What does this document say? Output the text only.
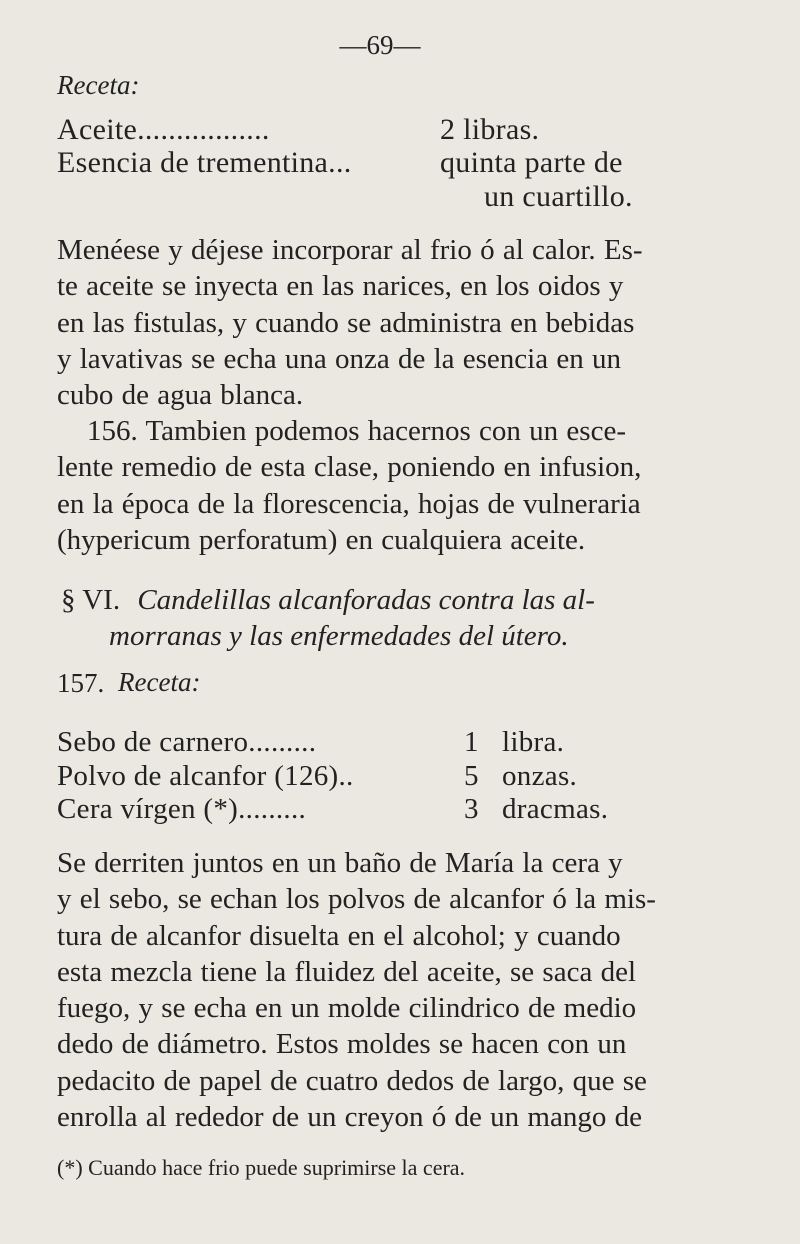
—69—
Receta:
Aceite.................	2 libras.
Esencia de trementina...	quinta parte de
un cuartillo.
Menéese y déjese incorporar al frio ó al calor. Es-
te aceite se inyecta en las narices, en los oidos y
en las fistulas, y cuando se administra en bebidas
y lavativas se echa una onza de la esencia en un
cubo de agua blanca.
156. Tambien podemos hacernos con un esce-
lente remedio de esta clase, poniendo en infusion,
en la época de la florescencia, hojas de vulneraria
(hypericum perforatum) en cualquiera aceite.
§ VI. Candelillas alcanforadas contra las al-
morranas y las enfermedades del útero.
157. Receta:
Sebo de carnero.........	1 libra.
Polvo de alcanfor (126)..	5 onzas.
Cera vírgen (*).........	3 dracmas.
Se derriten juntos en un baño de María la cera y
y el sebo, se echan los polvos de alcanfor ó la mis-
tura de alcanfor disuelta en el alcohol; y cuando
esta mezcla tiene la fluidez del aceite, se saca del
fuego, y se echa en un molde cilindrico de medio
dedo de diámetro. Estos moldes se hacen con un
pedacito de papel de cuatro dedos de largo, que se
enrolla al rededor de un creyon ó de un mango de
(*) Cuando hace frio puede suprimirse la cera.
